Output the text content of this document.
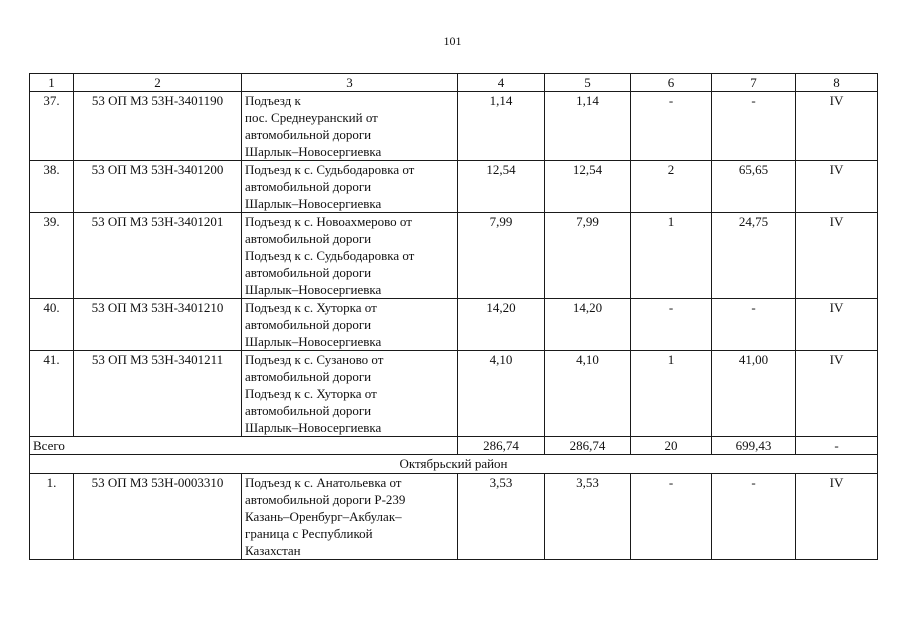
101
1	2	3	4	5	6	7	8
37.	53 ОП МЗ 53Н-3401190	Подъезд к
пос. Среднеуранский от
автомобильной дороги
Шарлык–Новосергиевка	1,14	1,14	-	-	IV
38.	53 ОП МЗ 53Н-3401200	Подъезд к с. Судьбодаровка от
автомобильной дороги
Шарлык–Новосергиевка	12,54	12,54	2	65,65	IV
39.	53 ОП МЗ 53Н-3401201	Подъезд к с. Новоахмерово от
автомобильной дороги
Подъезд к с. Судьбодаровка от
автомобильной дороги
Шарлык–Новосергиевка	7,99	7,99	1	24,75	IV
40.	53 ОП МЗ 53Н-3401210	Подъезд к с. Хуторка от
автомобильной дороги
Шарлык–Новосергиевка	14,20	14,20	-	-	IV
41.	53 ОП МЗ 53Н-3401211	Подъезд к с. Сузаново от
автомобильной дороги
Подъезд к с. Хуторка от
автомобильной дороги
Шарлык–Новосергиевка	4,10	4,10	1	41,00	IV
Всего			286,74	286,74	20	699,43	-
Октябрьский район							
1.	53 ОП МЗ 53Н-0003310	Подъезд к с. Анатольевка от
автомобильной дороги Р-239
Казань–Оренбург–Акбулак–
граница с Республикой
Казахстан	3,53	3,53	-	-	IV
